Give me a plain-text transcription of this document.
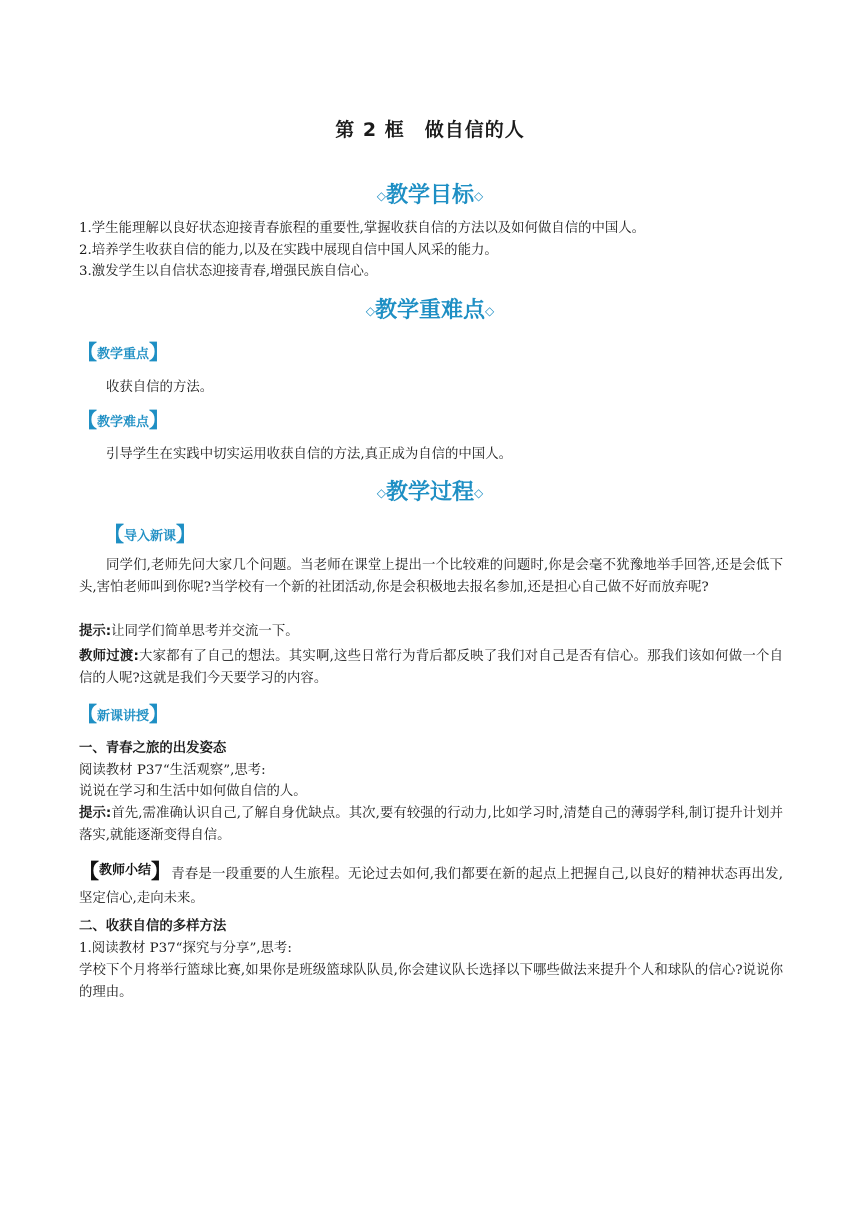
第 2 框　做自信的人
◇教学目标◇
1.学生能理解以良好状态迎接青春旅程的重要性,掌握收获自信的方法以及如何做自信的中国人。
2.培养学生收获自信的能力,以及在实践中展现自信中国人风采的能力。
3.激发学生以自信状态迎接青春,增强民族自信心。
◇教学重难点◇
【 教学重点 】
收获自信的方法。
【 教学难点 】
引导学生在实践中切实运用收获自信的方法,真正成为自信的中国人。
◇教学过程◇
【 导入新课 】
同学们,老师先问大家几个问题。当老师在课堂上提出一个比较难的问题时,你是会毫不犹豫地举手回答,还是会低下头,害怕老师叫到你呢?当学校有一个新的社团活动,你是会积极地去报名参加,还是担心自己做不好而放弃呢?
提示:让同学们简单思考并交流一下。
教师过渡:大家都有了自己的想法。其实啊,这些日常行为背后都反映了我们对自己是否有信心。那我们该如何做一个自信的人呢?这就是我们今天要学习的内容。
【 新课讲授 】
一、青春之旅的出发姿态
阅读教材 P37“生活观察”,思考:
说说在学习和生活中如何做自信的人。
提示:首先,需准确认识自己,了解自身优缺点。其次,要有较强的行动力,比如学习时,清楚自己的薄弱学科,制订提升计划并落实,就能逐渐变得自信。
【 教师小结 】 青春是一段重要的人生旅程。无论过去如何,我们都要在新的起点上把握自己,以良好的精神状态再出发,坚定信心,走向未来。
二、收获自信的多样方法
1.阅读教材 P37“探究与分享”,思考:
学校下个月将举行篮球比赛,如果你是班级篮球队队员,你会建议队长选择以下哪些做法来提升个人和球队的信心?说说你的理由。
